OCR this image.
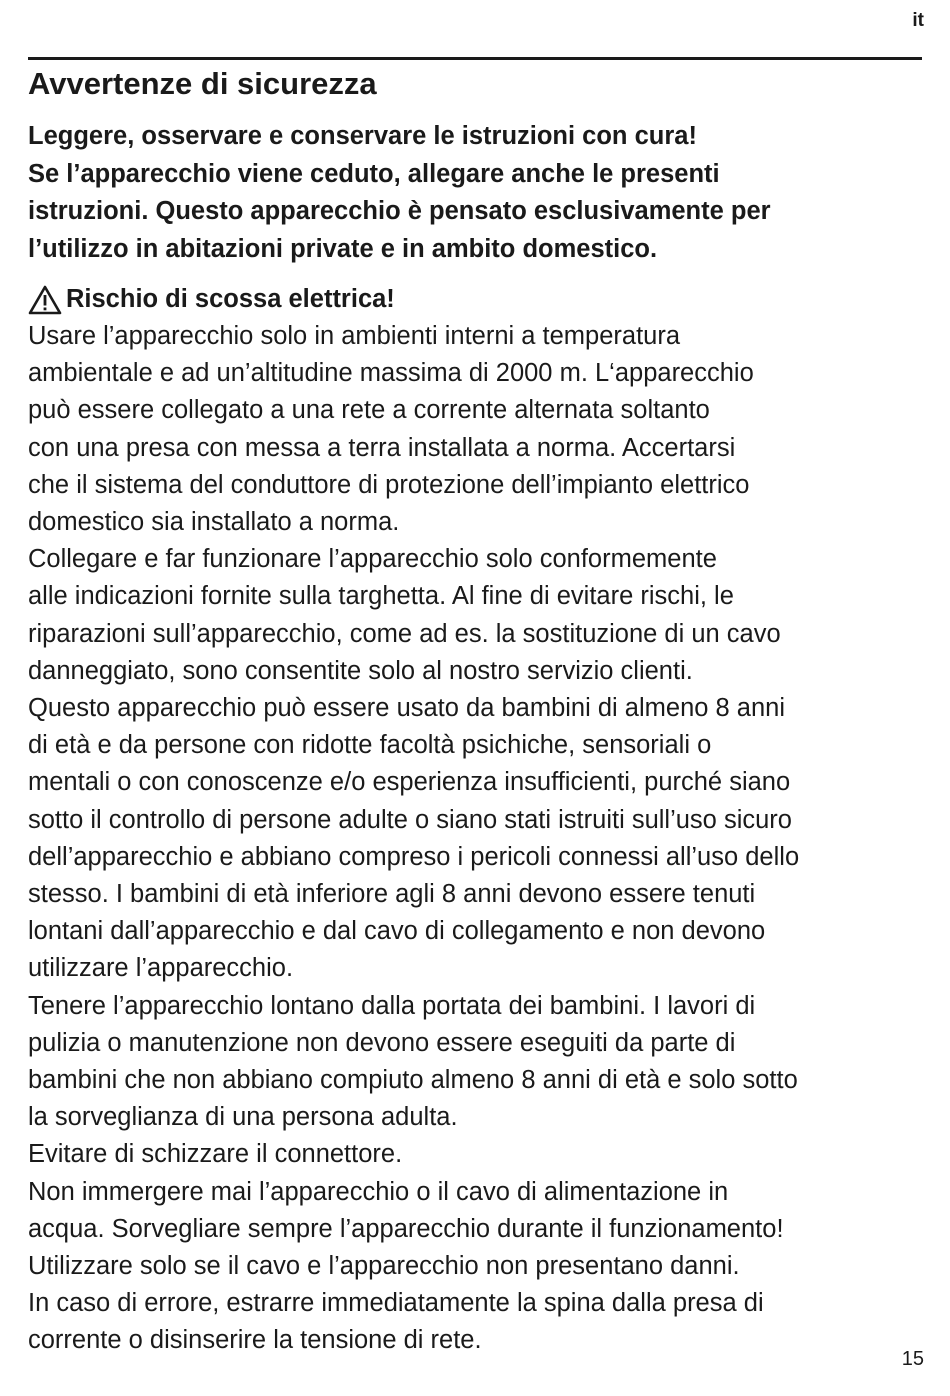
it
Avvertenze di sicurezza
Leggere, osservare e conservare le istruzioni con cura!
Se l’apparecchio viene ceduto, allegare anche le presenti
istruzioni. Questo apparecchio è pensato esclusivamente per
l’utilizzo in abitazioni private e in ambito domestico.
Rischio di scossa elettrica!

Usare l’apparecchio solo in ambienti interni a temperatura

ambientale e ad un’altitudine massima di 2000 m. L‘apparecchio

può essere collegato a una rete a corrente alternata soltanto

con una presa con messa a terra installata a norma. Accertarsi

che il sistema del conduttore di protezione dell’impianto elettrico

domestico sia installato a norma.

Collegare e far funzionare l’apparecchio solo conformemente

alle indicazioni fornite sulla targhetta. Al fine di evitare rischi, le

riparazioni sull’apparecchio, come ad es. la sostituzione di un cavo

danneggiato, sono consentite solo al nostro servizio clienti.

Questo apparecchio può essere usato da bambini di almeno 8 anni

di età e da persone con ridotte facoltà psichiche, sensoriali o

mentali o con conoscenze e/o esperienza insufficienti, purché siano

sotto il controllo di persone adulte o siano stati istruiti sull’uso sicuro

dell’apparecchio e abbiano compreso i pericoli connessi all’uso dello

stesso. I bambini di età inferiore agli 8 anni devono essere tenuti

lontani dall’apparecchio e dal cavo di collegamento e non devono

utilizzare l’apparecchio.

Tenere l’apparecchio lontano dalla portata dei bambini. I lavori di

pulizia o manutenzione non devono essere eseguiti da parte di

bambini che non abbiano compiuto almeno 8 anni di età e solo sotto

la sorveglianza di una persona adulta.

Evitare di schizzare il connettore.

Non immergere mai l’apparecchio o il cavo di alimentazione in

acqua. Sorvegliare sempre l’apparecchio durante il funzionamento!

Utilizzare solo se il cavo e l’apparecchio non presentano danni.

In caso di errore, estrarre immediatamente la spina dalla presa di

corrente o disinserire la tensione di rete.

15
